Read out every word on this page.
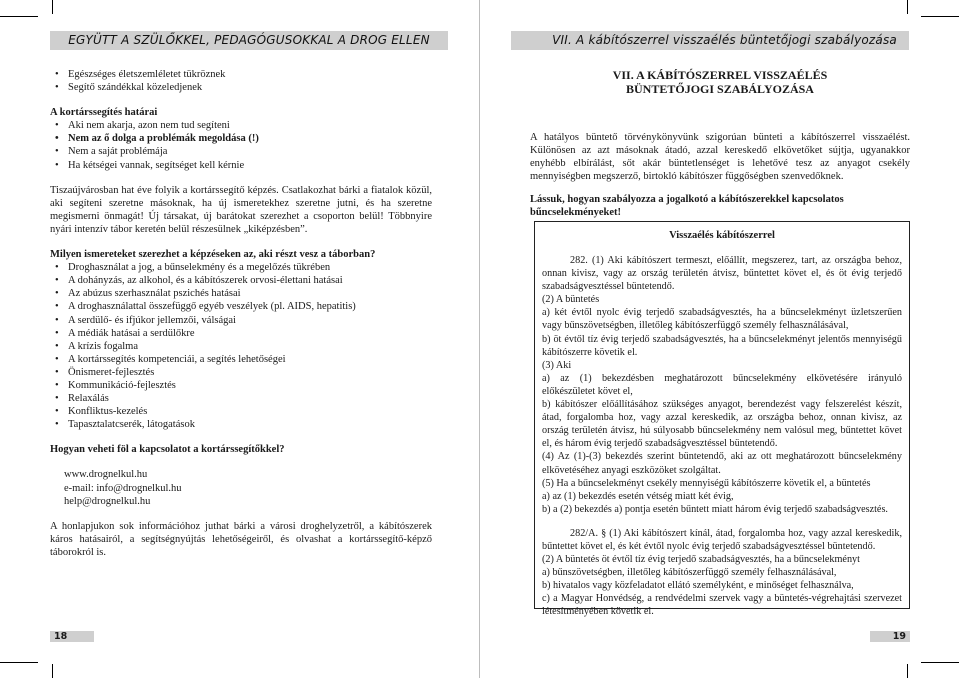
EGYÜTT A SZÜLŐKKEL, PEDAGÓGUSOKKAL A DROG ELLEN
• Egészséges életszemléletet tükröznek
• Segítő szándékkal közeledjenek

A kortárssegítés határai

• Aki nem akarja, azon nem tud segíteni
• Nem az ő dolga a problémák megoldása (!)
• Nem a saját problémája
• Ha kétségei vannak, segítséget kell kérnie

Tiszaújvárosban hat éve folyik a kortárssegítő képzés. Csatlakozhat bárki a fiatalok közül, aki segíteni szeretne másoknak, ha új ismeretekhez szeretne jutni, és ha szeretne megismerni önmagát! Új társakat, új barátokat szerezhet a csoporton belül! Többnyire nyári intenzív tábor keretén belül részesülnek „kiképzésben”.

Milyen ismereteket szerezhet a képzéseken az, aki részt vesz a táborban?

• Droghasználat a jog, a bűnselekmény és a megelőzés tükrében
• A dohányzás, az alkohol, és a kábítószerek orvosi-élettani hatásai
• Az abúzus szerhasználat pszichés hatásai
• A droghasználattal összefüggő egyéb veszélyek (pl. AIDS, hepatitis)
• A serdülő- és ifjúkor jellemzői, válságai
• A médiák hatásai a serdülőkre
• A krízis fogalma
• A kortárssegítés kompetenciái, a segítés lehetőségei
• Önismeret-fejlesztés
• Kommunikáció-fejlesztés
• Relaxálás
• Konfliktus-kezelés
• Tapasztalatcserék, látogatások

Hogyan veheti föl a kapcsolatot a kortárssegítőkkel?

www.drognelkul.hu

e-mail: info@drognelkul.hu

help@drognelkul.hu

A honlapjukon sok információhoz juthat bárki a városi droghelyzetről, a kábítószerek káros hatásairól, a segítségnyújtás lehetőségeiről, és olvashat a kortárssegítő-képző táborokról is.

18
VII. A kábítószerrel visszaélés büntetőjogi szabályozása
VII. A KÁBÍTÓSZERREL VISSZAÉLÉS
BÜNTETŐJOGI SZABÁLYOZÁSA

A hatályos büntető törvénykönyvünk szigorúan bünteti a kábítószerrel visszaélést. Különösen az azt másoknak átadó, azzal kereskedő elkövetőket sújtja, ugyanakkor enyhébb elbírálást, sőt akár büntetlenséget is lehetővé tesz az anyagot csekély mennyiségben megszerző, birtokló kábítószer függőségben szenvedőknek.

Lássuk, hogyan szabályozza a jogalkotó a kábítószerekkel kapcsolatos bűncselekményeket!

Visszaélés kábítószerrel

282. (1) Aki kábítószert termeszt, előállít, megszerez, tart, az országba behoz, onnan kivisz, vagy az ország területén átvisz, bűntettet követ el, és öt évig terjedő szabadságvesztéssel büntetendő.

(2) A büntetés

a) két évtől nyolc évig terjedő szabadságvesztés, ha a bűncselekményt üzletszerűen vagy bűnszövetségben, illetőleg kábítószerfüggő személy felhasználásával,

b) öt évtől tíz évig terjedő szabadságvesztés, ha a bűncselekményt jelentős mennyiségű kábítószerre követik el.

(3) Aki

a) az (1) bekezdésben meghatározott bűncselekmény elkövetésére irányuló előkészületet követ el,

b) kábítószer előállításához szükséges anyagot, berendezést vagy felszerelést készít, átad, forgalomba hoz, vagy azzal kereskedik, az országba behoz, onnan kivisz, az ország területén átvisz, hú súlyosabb bűncselekmény nem valósul meg, bűntettet követ el, és három évig terjedő szabadságvesztéssel büntetendő.

(4) Az (1)-(3) bekezdés szerint büntetendő, aki az ott meghatározott bűncselekmény elkövetéséhez anyagi eszközöket szolgáltat.

(5) Ha a bűncselekményt csekély mennyiségű kábítószerre követik el, a büntetés

a) az (1) bekezdés esetén vétség miatt két évig,

b) a (2) bekezdés a) pontja esetén bűntett miatt három évig terjedő szabadságvesztés.

282/A. § (1) Aki kábítószert kínál, átad, forgalomba hoz, vagy azzal kereskedik, bűntettet követ el, és két évtől nyolc évig terjedő szabadságvesztéssel büntetendő.

(2) A büntetés öt évtől tíz évig terjedő szabadságvesztés, ha a bűncselekményt

a) bűnszövetségben, illetőleg kábítószerfüggő személy felhasználásával,

b) hivatalos vagy közfeladatot ellátó személyként, e minőséget felhasználva,

c) a Magyar Honvédség, a rendvédelmi szervek vagy a büntetés-végrehajtási szervezet létesítményében követik el.

19
